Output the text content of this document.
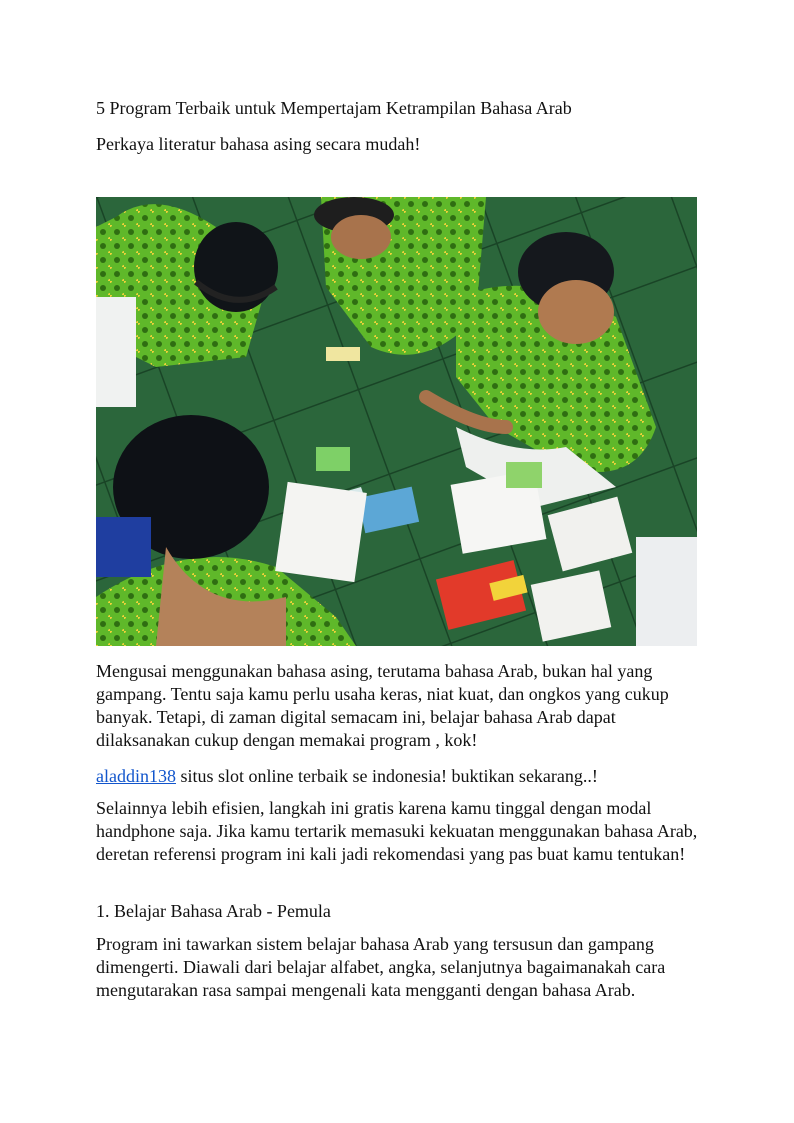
5 Program Terbaik untuk Mempertajam Ketrampilan Bahasa Arab
Perkaya literatur bahasa asing secara mudah!

Mengusai menggunakan bahasa asing, terutama bahasa Arab, bukan hal yang gampang. Tentu saja kamu perlu usaha keras, niat kuat, dan ongkos yang cukup banyak. Tetapi, di zaman digital semacam ini, belajar bahasa Arab dapat dilaksanakan cukup dengan memakai program , kok!

aladdin138 situs slot online terbaik se indonesia! buktikan sekarang..!

Selainnya lebih efisien, langkah ini gratis karena kamu tinggal dengan modal handphone saja. Jika kamu tertarik memasuki kekuatan menggunakan bahasa Arab, deretan referensi program ini kali jadi rekomendasi yang pas buat kamu tentukan!

1. Belajar Bahasa Arab - Pemula

Program ini tawarkan sistem belajar bahasa Arab yang tersusun dan gampang dimengerti. Diawali dari belajar alfabet, angka, selanjutnya bagaimanakah cara mengutarakan rasa sampai mengenali kata mengganti dengan bahasa Arab.
